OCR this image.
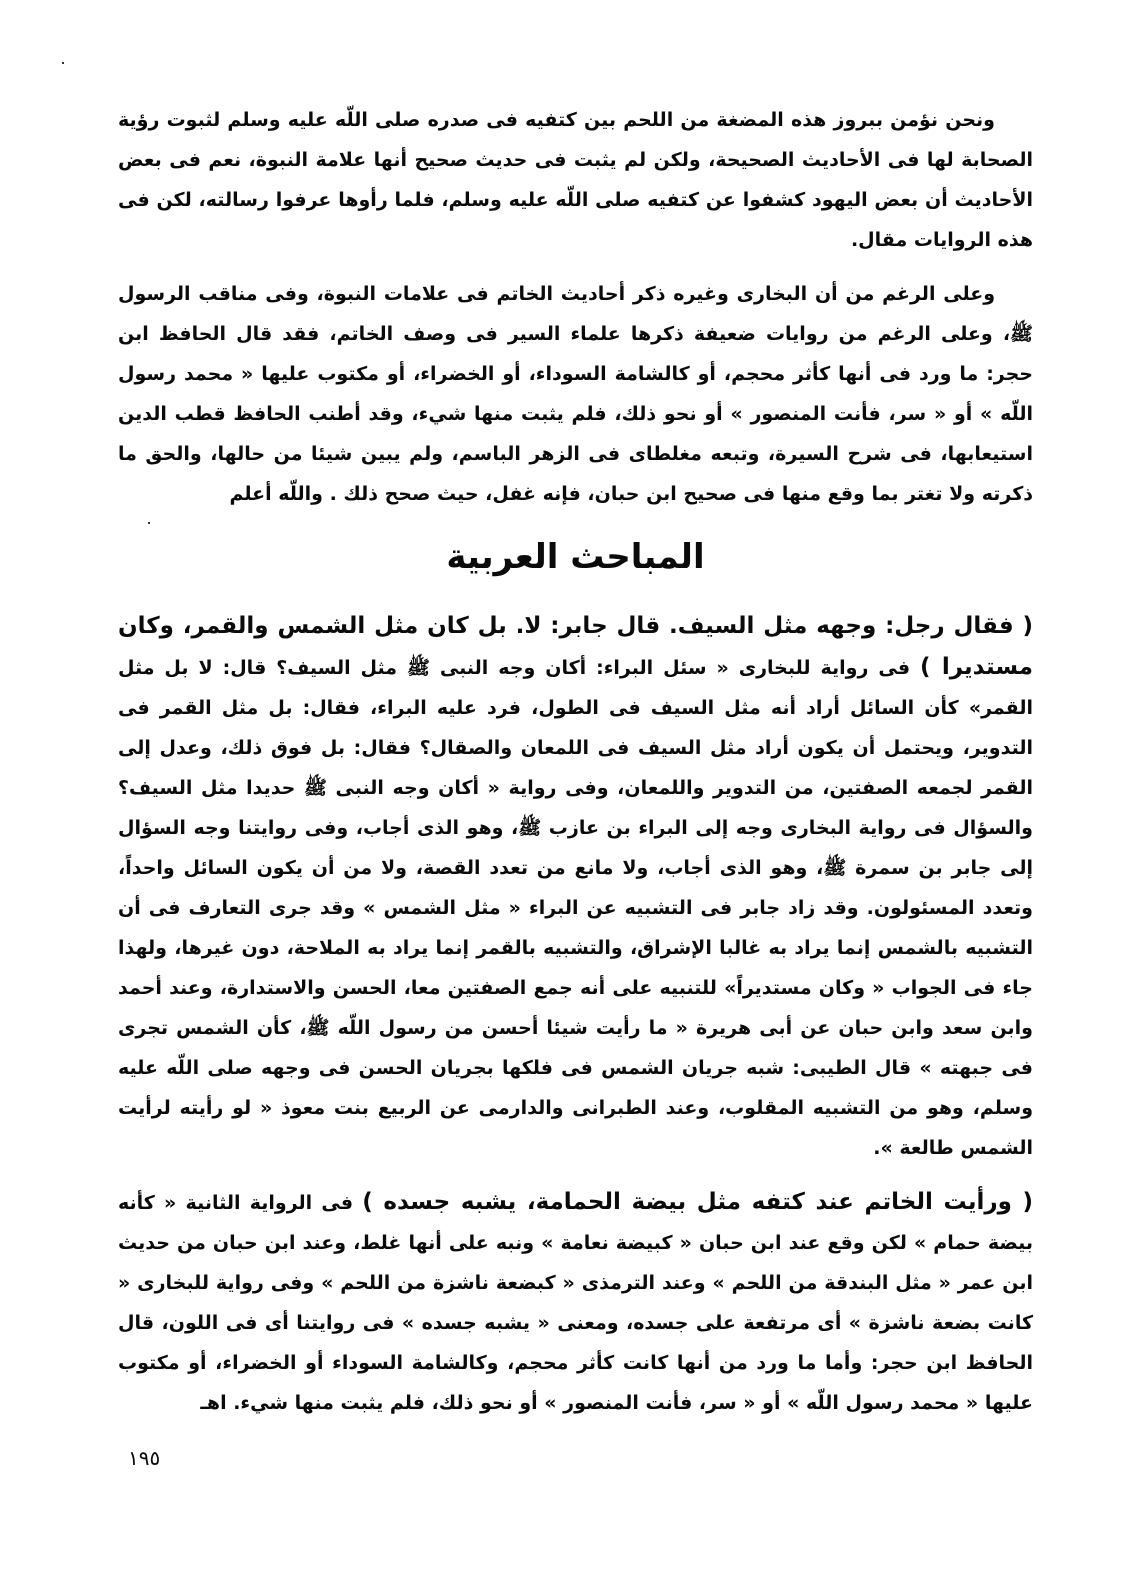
ونحن نؤمن ببروز هذه المضغة من اللحم بين كتفيه فى صدره صلى اللّه عليه وسلم لثبوت رؤية الصحابة لها فى الأحاديث الصحيحة، ولكن لم يثبت فى حديث صحيح أنها علامة النبوة، نعم فى بعض الأحاديث أن بعض اليهود كشفوا عن كتفيه صلى اللّه عليه وسلم، فلما رأوها عرفوا رسالته، لكن فى هذه الروايات مقال.

وعلى الرغم من أن البخارى وغيره ذكر أحاديث الخاتم فى علامات النبوة، وفى مناقب الرسول ﷺ، وعلى الرغم من روايات ضعيفة ذكرها علماء السير فى وصف الخاتم، فقد قال الحافظ ابن حجر: ما ورد فى أنها كأثر محجم، أو كالشامة السوداء، أو الخضراء، أو مكتوب عليها « محمد رسول اللّه » أو « سر، فأنت المنصور » أو نحو ذلك، فلم يثبت منها شيء، وقد أطنب الحافظ قطب الدين استيعابها، فى شرح السيرة، وتبعه مغلطاى فى الزهر الباسم، ولم يبين شيئا من حالها، والحق ما ذكرته ولا تغتر بما وقع منها فى صحيح ابن حبان، فإنه غفل، حيث صحح ذلك . واللّه أعلم

المباحث العربية

( فقال رجل: وجهه مثل السيف. قال جابر: لا. بل كان مثل الشمس والقمر، وكان مستديرا ) فى رواية للبخارى « سئل البراء: أكان وجه النبى ﷺ مثل السيف؟ قال: لا بل مثل القمر» كأن السائل أراد أنه مثل السيف فى الطول، فرد عليه البراء، فقال: بل مثل القمر فى التدوير، ويحتمل أن يكون أراد مثل السيف فى اللمعان والصقال؟ فقال: بل فوق ذلك، وعدل إلى القمر لجمعه الصفتين، من التدوير واللمعان، وفى رواية « أكان وجه النبى ﷺ حديدا مثل السيف؟ والسؤال فى رواية البخارى وجه إلى البراء بن عازب ﷺ، وهو الذى أجاب، وفى روايتنا وجه السؤال إلى جابر بن سمرة ﷺ، وهو الذى أجاب، ولا مانع من تعدد القصة، ولا من أن يكون السائل واحداً، وتعدد المسئولون. وقد زاد جابر فى التشبيه عن البراء « مثل الشمس » وقد جرى التعارف فى أن التشبيه بالشمس إنما يراد به غالبا الإشراق، والتشبيه بالقمر إنما يراد به الملاحة، دون غيرها، ولهذا جاء فى الجواب « وكان مستديراً» للتنبيه على أنه جمع الصفتين معا، الحسن والاستدارة، وعند أحمد وابن سعد وابن حبان عن أبى هريرة « ما رأيت شيئا أحسن من رسول اللّه ﷺ، كأن الشمس تجرى فى جبهته » قال الطيبى: شبه جريان الشمس فى فلكها بجريان الحسن فى وجهه صلى اللّه عليه وسلم، وهو من التشبيه المقلوب، وعند الطبرانى والدارمى عن الربيع بنت معوذ « لو رأيته لرأيت الشمس طالعة ».

( ورأيت الخاتم عند كتفه مثل بيضة الحمامة، يشبه جسده ) فى الرواية الثانية « كأنه بيضة حمام » لكن وقع عند ابن حبان « كبيضة نعامة » ونبه على أنها غلط، وعند ابن حبان من حديث ابن عمر « مثل البندقة من اللحم » وعند الترمذى « كبضعة ناشزة من اللحم » وفى رواية للبخارى « كانت بضعة ناشزة » أى مرتفعة على جسده، ومعنى « يشبه جسده » فى روايتنا أى فى اللون، قال الحافظ ابن حجر: وأما ما ورد من أنها كانت كأثر محجم، وكالشامة السوداء أو الخضراء، أو مكتوب عليها « محمد رسول اللّه » أو « سر، فأنت المنصور » أو نحو ذلك، فلم يثبت منها شيء. اهـ

١٩٥
